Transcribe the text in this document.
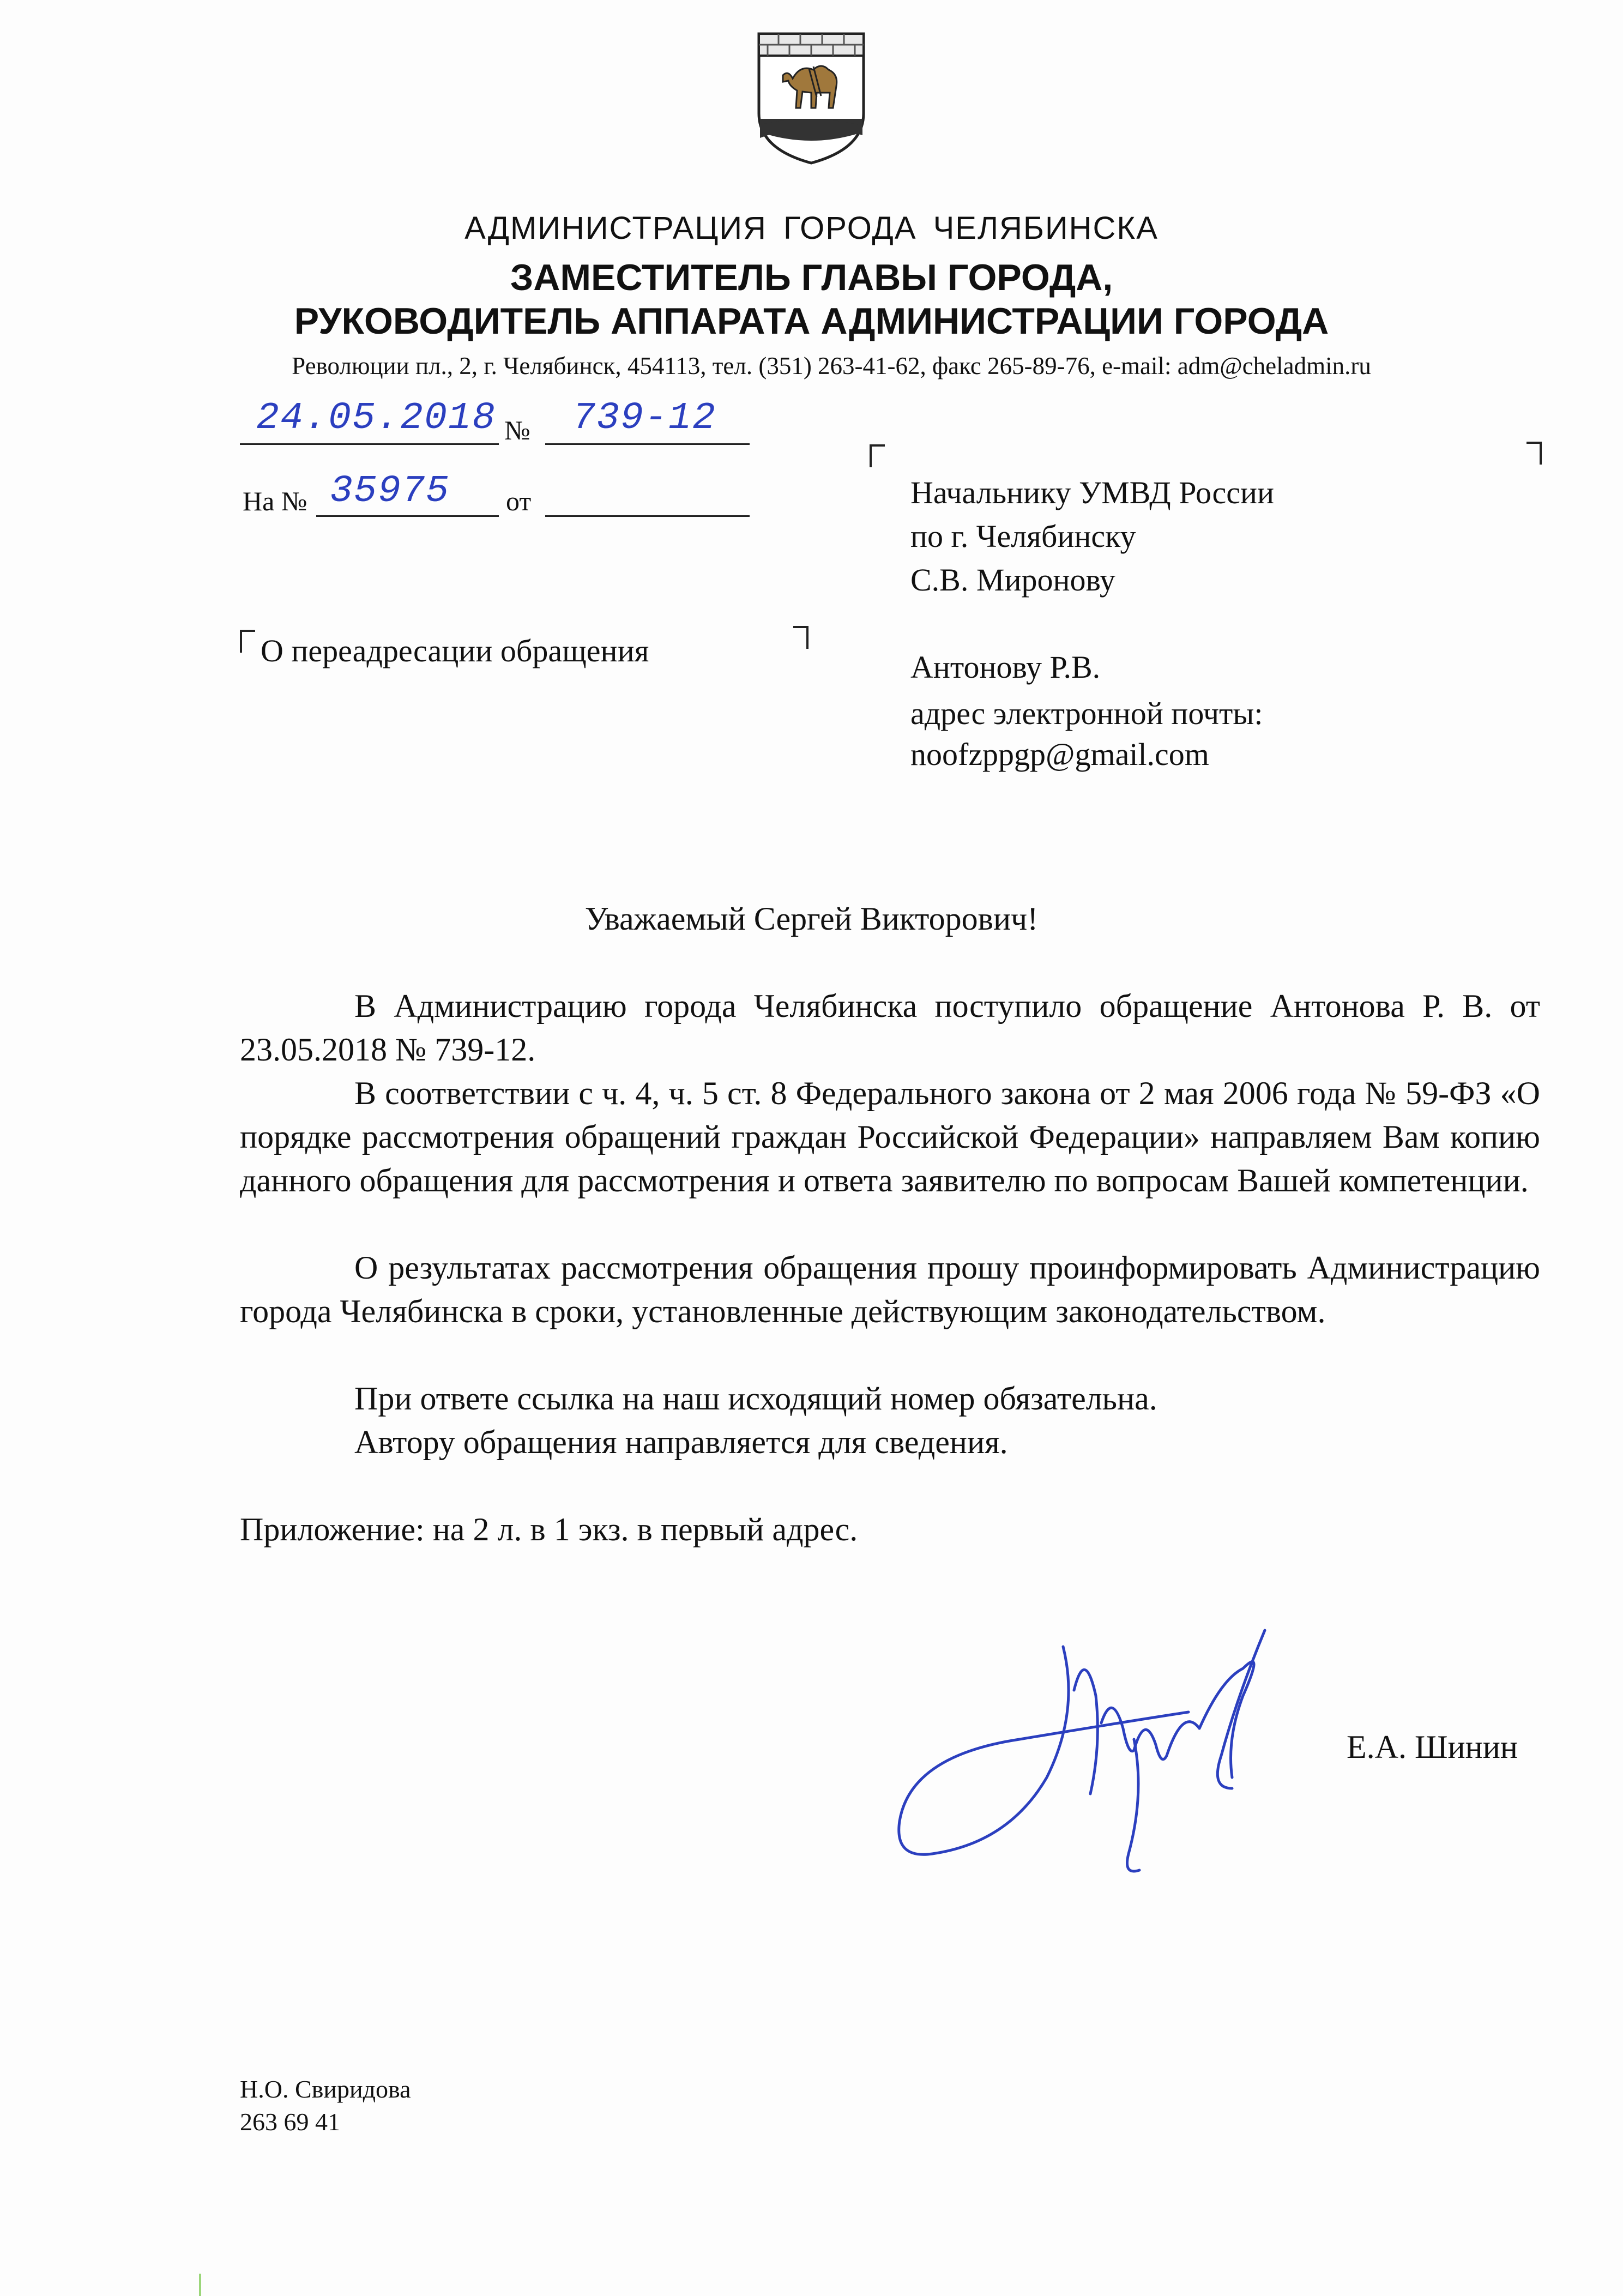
АДМИНИСТРАЦИЯ ГОРОДА ЧЕЛЯБИНСКА
ЗАМЕСТИТЕЛЬ ГЛАВЫ ГОРОДА,
РУКОВОДИТЕЛЬ АППАРАТА АДМИНИСТРАЦИИ ГОРОДА
Революции пл., 2, г. Челябинск, 454113, тел. (351) 263-41-62, факс 265-89-76, e-mail: adm@cheladmin.ru
24.05.2018 № 739-12
На № 35975 от
О переадресации обращения
Начальнику УМВД России
по г. Челябинску
С.В. Миронову
Антонову Р.В.
адрес электронной почты:
noofzppgp@gmail.com
Уважаемый Сергей Викторович!
В Администрацию города Челябинска поступило обращение Антонова Р. В. от 23.05.2018 № 739-12.
В соответствии с ч. 4, ч. 5 ст. 8 Федерального закона от 2 мая 2006 года № 59-ФЗ «О порядке рассмотрения обращений граждан Российской Федерации» направляем Вам копию данного обращения для рассмотрения и ответа заявителю по вопросам Вашей компетенции.
О результатах рассмотрения обращения прошу проинформировать Администрацию города Челябинска в сроки, установленные действующим законодательством.
При ответе ссылка на наш исходящий номер обязательна.
Автору обращения направляется для сведения.
Приложение: на 2 л. в 1 экз. в первый адрес.
Е.А. Шинин
Н.О. Свиридова
263 69 41
